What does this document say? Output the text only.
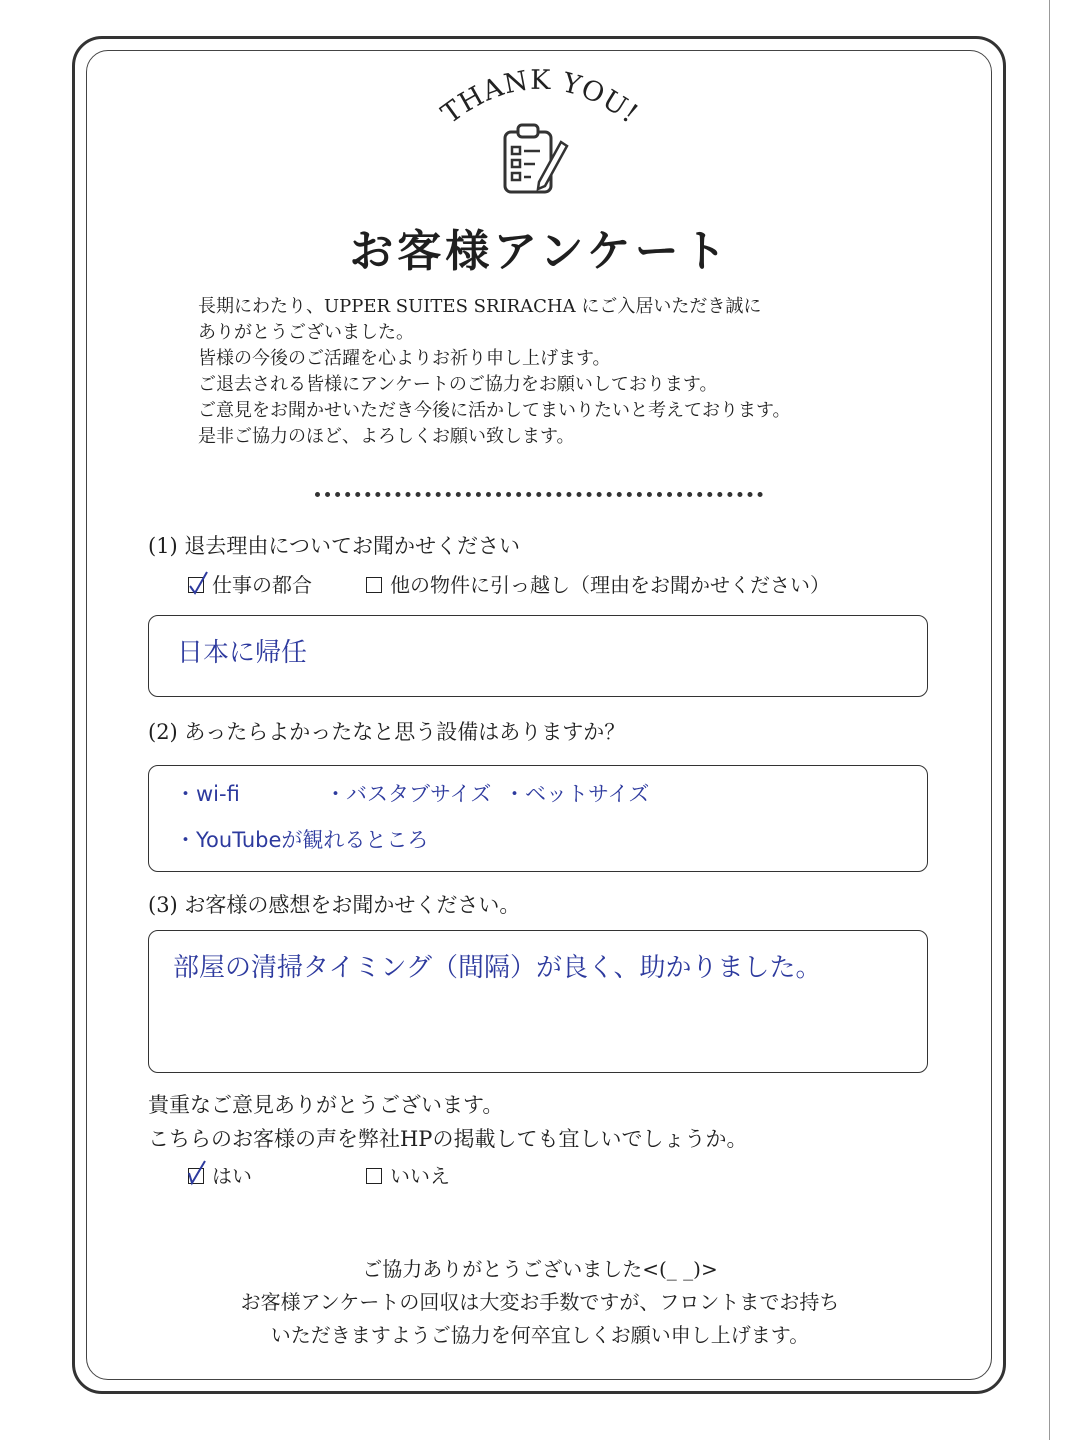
THANK YOU!
お客様アンケート
長期にわたり、UPPER SUITES SRIRACHA にご入居いただき誠に
ありがとうございました。
皆様の今後のご活躍を心よりお祈り申し上げます。
ご退去される皆様にアンケートのご協力をお願いしております。
ご意見をお聞かせいただき今後に活かしてまいりたいと考えております。
是非ご協力のほど、よろしくお願い致します。
(1) 退去理由についてお聞かせください
仕事の都合	他の物件に引っ越し（理由をお聞かせください）
日本に帰任
(2) あったらよかったなと思う設備はありますか？
・wi-fi	・バスタブサイズ ・ベットサイズ
・YouTubeが観れるところ
(3) お客様の感想をお聞かせください。
部屋の清掃タイミング（間隔）が良く、助かりました。
貴重なご意見ありがとうございます。
こちらのお客様の声を弊社HPの掲載しても宜しいでしょうか。
はい	いいえ
ご協力ありがとうございました<(_ _)>
お客様アンケートの回収は大変お手数ですが、フロントまでお持ち
いただきますようご協力を何卒宜しくお願い申し上げます。
